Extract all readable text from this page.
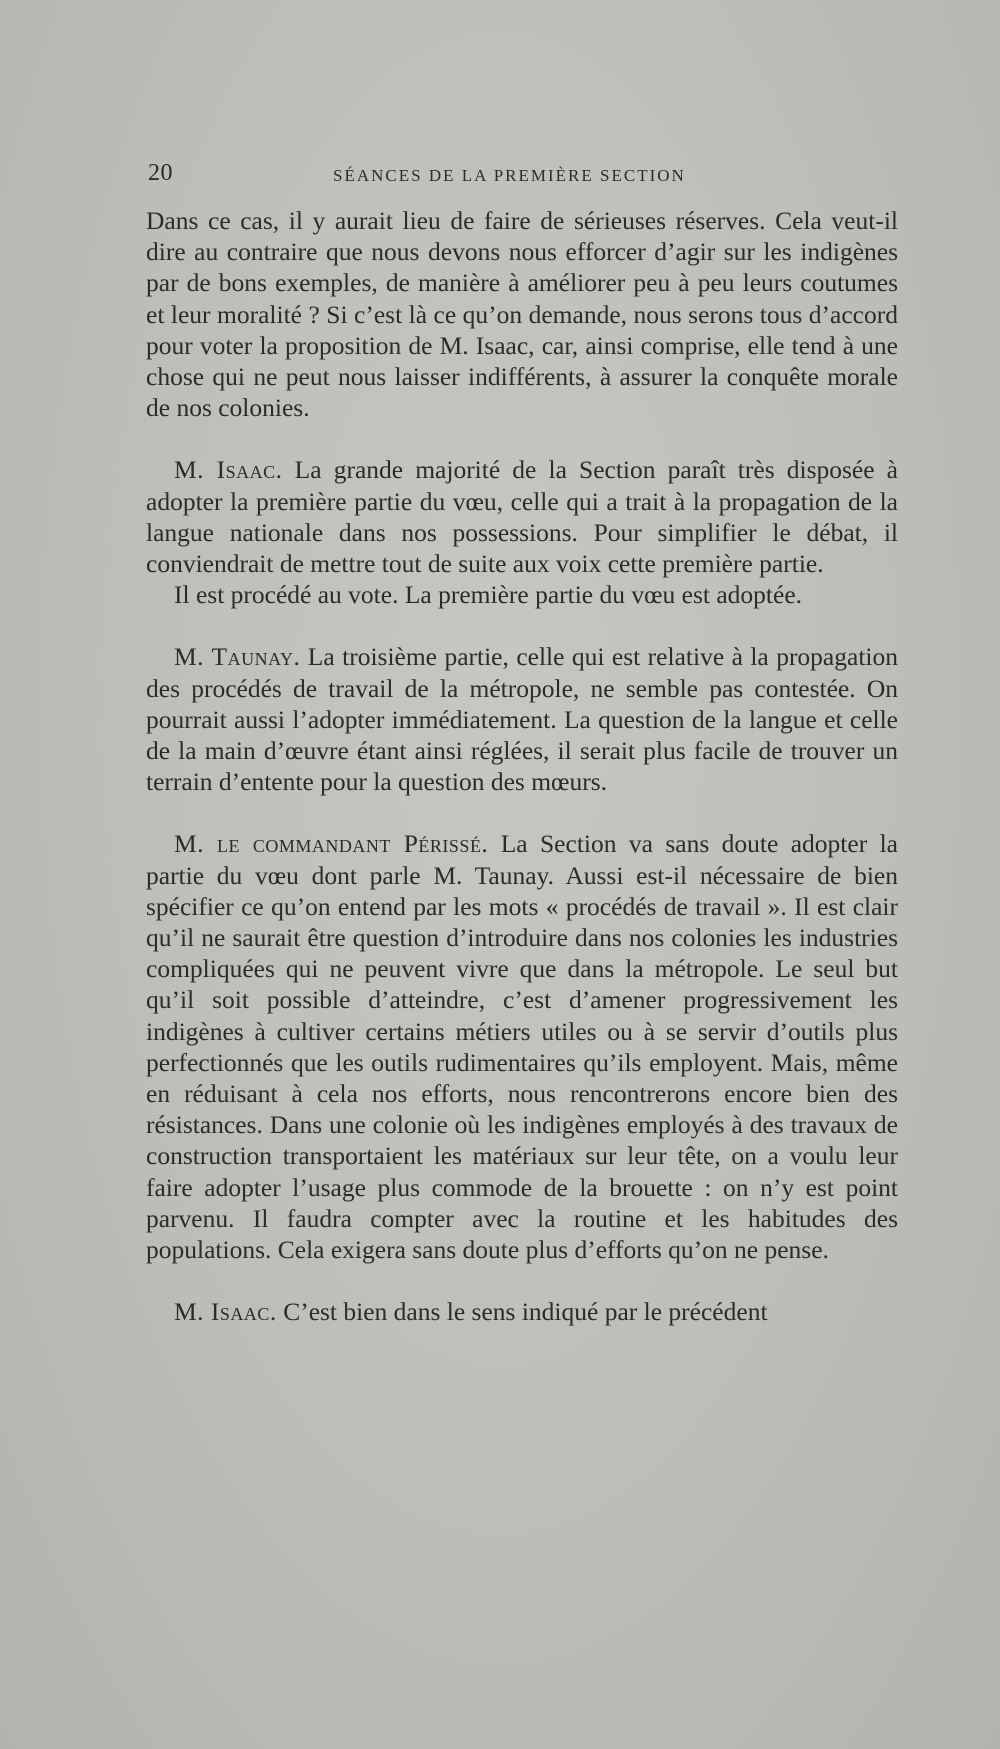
20	SÉANCES DE LA PREMIÈRE SECTION

Dans ce cas, il y aurait lieu de faire de sérieuses réserves. Cela veut-il dire au contraire que nous devons nous efforcer d’agir sur les indigènes par de bons exemples, de manière à améliorer peu à peu leurs coutumes et leur moralité ? Si c’est là ce qu’on demande, nous serons tous d’accord pour voter la proposition de M. Isaac, car, ainsi comprise, elle tend à une chose qui ne peut nous laisser indifférents, à assurer la conquête morale de nos colonies.

M. Isaac. La grande majorité de la Section paraît très disposée à adopter la première partie du vœu, celle qui a trait à la propagation de la langue nationale dans nos possessions. Pour simplifier le débat, il conviendrait de mettre tout de suite aux voix cette première partie.

Il est procédé au vote. La première partie du vœu est adoptée.

M. Taunay. La troisième partie, celle qui est relative à la propagation des procédés de travail de la métropole, ne semble pas contestée. On pourrait aussi l’adopter immédiatement. La question de la langue et celle de la main d’œuvre étant ainsi réglées, il serait plus facile de trouver un terrain d’entente pour la question des mœurs.

M. le commandant Périssé. La Section va sans doute adopter la partie du vœu dont parle M. Taunay. Aussi est-il nécessaire de bien spécifier ce qu’on entend par les mots « procédés de travail ». Il est clair qu’il ne saurait être question d’introduire dans nos colonies les industries compliquées qui ne peuvent vivre que dans la métropole. Le seul but qu’il soit possible d’atteindre, c’est d’amener progressivement les indigènes à cultiver certains métiers utiles ou à se servir d’outils plus perfectionnés que les outils rudimentaires qu’ils employent. Mais, même en réduisant à cela nos efforts, nous rencontrerons encore bien des résistances. Dans une colonie où les indigènes employés à des travaux de construction transportaient les matériaux sur leur tête, on a voulu leur faire adopter l’usage plus commode de la brouette : on n’y est point parvenu. Il faudra compter avec la routine et les habitudes des populations. Cela exigera sans doute plus d’efforts qu’on ne pense.

M. Isaac. C’est bien dans le sens indiqué par le précédent
